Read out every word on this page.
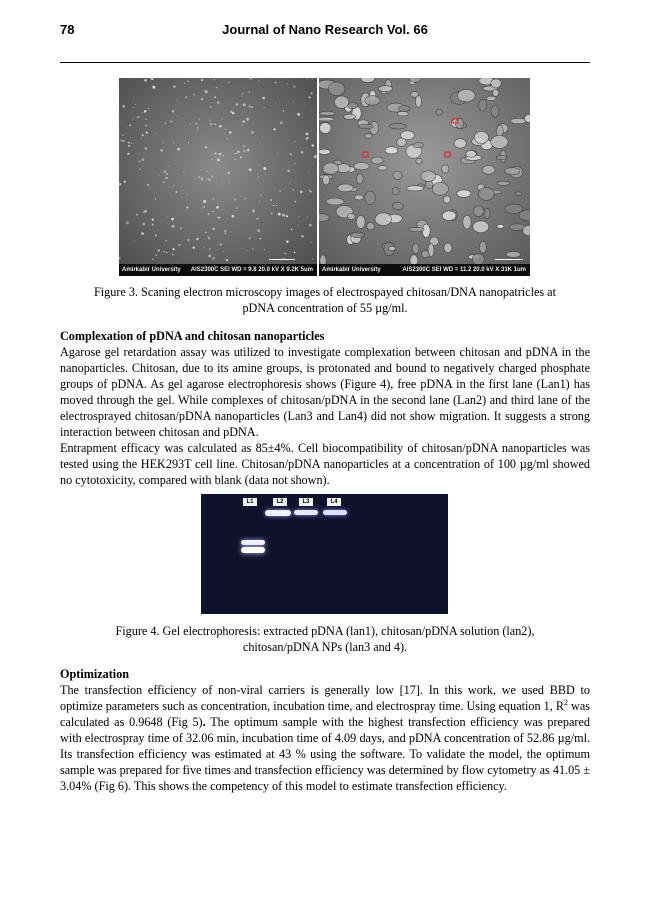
78	Journal of Nano Research Vol. 66
Amirkabir University AIS2300C SEI WD = 9.8 20.0 kV X 9.2K 5um Amirkabir University	AIS2300C SEI WD = 11.2 20.0 kV X 31K 1um
Figure 3. Scaning electron microscopy images of electrospayed chitosan/DNA nanopatricles at
pDNA concentration of 55 µg/ml.
Complexation of pDNA and chitosan nanoparticles

Agarose gel retardation assay was utilized to investigate complexation between chitosan and pDNA in the nanoparticles. Chitosan, due to its amine groups, is protonated and bound to negatively charged phosphate groups of pDNA. As gel agarose electrophoresis shows (Figure 4), free pDNA in the first lane (Lan1) has moved through the gel. While complexes of chitosan/pDNA in the second lane (Lan2) and third lane of the electrosprayed chitosan/pDNA nanoparticles (Lan3 and Lan4) did not show migration. It suggests a strong interaction between chitosan and pDNA.

Entrapment efficacy was calculated as 85±4%. Cell biocompatibility of chitosan/pDNA nanoparticles was tested using the HEK293T cell line. Chitosan/pDNA nanoparticles at a concentration of 100 µg/ml showed no cytotoxicity, compared with blank (data not shown).

L1	L2	L3	L4
Figure 4. Gel electrophoresis: extracted pDNA (lan1), chitosan/pDNA solution (lan2),
chitosan/pDNA NPs (lan3 and 4).
Optimization

The transfection efficiency of non-viral carriers is generally low [17]. In this work, we used BBD to optimize parameters such as concentration, incubation time, and electrospray time. Using equation 1, $R^2$ was calculated as 0.9648 (Fig 5). The optimum sample with the highest transfection efficiency was prepared with electrospray time of 32.06 min, incubation time of 4.09 days, and pDNA concentration of 52.86 µg/ml. Its transfection efficiency was estimated at 43 % using the software. To validate the model, the optimum sample was prepared for five times and transfection efficiency was determined by flow cytometry as 41.05 ± 3.04% (Fig 6). This shows the competency of this model to estimate transfection efficiency.
